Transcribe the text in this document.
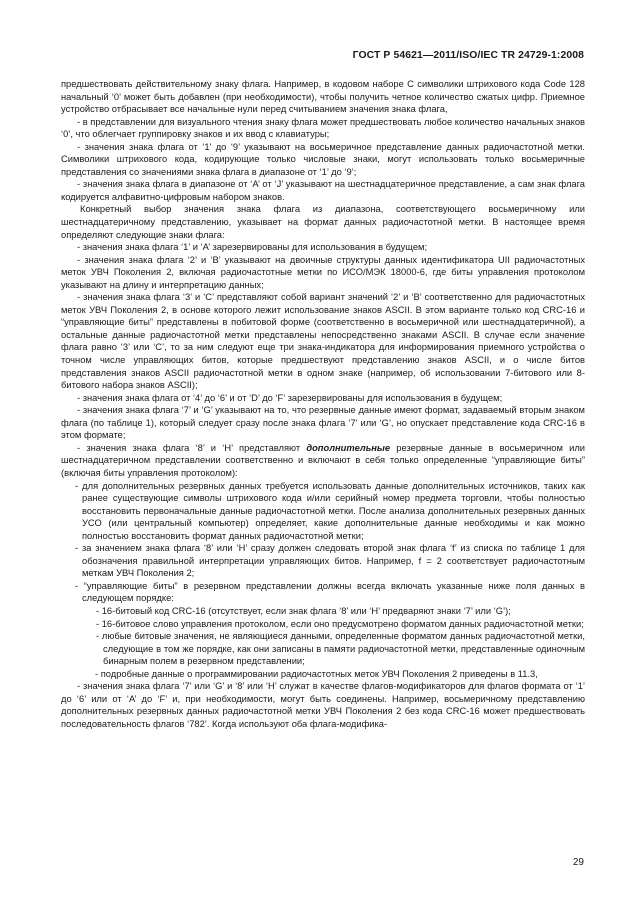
ГОСТ Р 54621—2011/ISO/IEC TR 24729-1:2008

предшествовать действительному знаку флага. Например, в кодовом наборе C символики штрихового кода Code 128 начальный ‘0’ может быть добавлен (при необходимости), чтобы получить четное количество сжатых цифр. Приемное устройство отбрасывает все начальные нули перед считыванием значения знака флага,

- в представлении для визуального чтения знаку флага может предшествовать любое количество начальных знаков ‘0’, что облегчает группировку знаков и их ввод с клавиатуры;

- значения знака флага от ‘1’ до ‘9’ указывают на восьмеричное представление данных радиочастотной метки. Символики штрихового кода, кодирующие только числовые знаки, могут использовать только восьмеричные представления со значениями знака флага в диапазоне от ‘1’ до ‘9’;

- значения знака флага в диапазоне от ‘A’ от ‘J’ указывают на шестнадцатеричное представление, а сам знак флага кодируется алфавитно-цифровым набором знаков.

Конкретный выбор значения знака флага из диапазона, соответствующего восьмеричному или шестнадцатеричному представлению, указывает на формат данных радиочастотной метки. В настоящее время определяют следующие знаки флага:

- значения знака флага ‘1’ и ‘A’ зарезервированы для использования в будущем;

- значения знака флага ‘2’ и ‘B’ указывают на двоичные структуры данных идентификатора UII радиочастотных меток УВЧ Поколения 2, включая радиочастотные метки по ИСО/МЭК 18000-6, где биты управления протоколом указывают на длину и интерпретацию данных;

- значения знака флага ‘3’ и ‘C’ представляют собой вариант значений ‘2’ и ‘B’ соответственно для радиочастотных меток УВЧ Поколения 2, в основе которого лежит использование знаков ASCII. В этом варианте только код CRC-16 и “управляющие биты” представлены в побитовой форме (соответственно в восьмеричной или шестнадцатеричной), а остальные данные радиочастотной метки представлены непосредственно знаками ASCII. В случае если значение флага равно ‘3’ или ‘C’, то за ним следуют еще три знака-индикатора для информирования приемного устройства о точном числе управляющих битов, которые предшествуют представлению знаков ASCII, и о числе битов представления знаков ASCII радиочастотной метки в одном знаке (например, об использовании 7-битового или 8-битового набора знаков ASCII);

- значения знака флага от ‘4’ до ‘6’ и от ‘D’ до ‘F’ зарезервированы для использования в будущем;

- значения знака флага ‘7’ и ‘G’ указывают на то, что резервные данные имеют формат, задаваемый вторым знаком флага (по таблице 1), который следует сразу после знака флага ‘7’ или ‘G’, но опускает представление кода CRC-16 в этом формате;

- значения знака флага ‘8’ и ‘H’ представляют дополнительные резервные данные в восьмеричном или шестнадцатеричном представлении соответственно и включают в себя только определенные “управляющие биты” (включая биты управления протоколом):

- для дополнительных резервных данных требуется использовать данные дополнительных источников, таких как ранее существующие символы штрихового кода и/или серийный номер предмета торговли, чтобы полностью восстановить первоначальные данные радиочастотной метки. После анализа дополнительных резервных данных УСО (или центральный компьютер) определяет, какие дополнительные данные необходимы и как можно полностью восстановить формат данных радиочастотной метки;

- за значением знака флага ‘8’ или ‘H’ сразу должен следовать второй знак флага ‘f’ из списка по таблице 1 для обозначения правильной интерпретации управляющих битов. Например, f = 2 соответствует радиочастотным меткам УВЧ Поколения 2;

- “управляющие биты” в резервном представлении должны всегда включать указанные ниже поля данных в следующем порядке:

- 16-битовый код CRC-16 (отсутствует, если знак флага ‘8’ или ‘H’ предваряют знаки ‘7’ или ‘G’);

- 16-битовое слово управления протоколом, если оно предусмотрено форматом данных радиочастотной метки;

- любые битовые значения, не являющиеся данными, определенные форматом данных радиочастотной метки, следующие в том же порядке, как они записаны в памяти радиочастотной метки, представленные одиночным бинарным полем в резервном представлении;

- подробные данные о программировании радиочастотных меток УВЧ Поколения 2 приведены в 11.3,

- значения знака флага ‘7’ или ‘G’ и ‘8’ или ‘H’ служат в качестве флагов-модификаторов для флагов формата от ‘1’ до ‘6’ или от ‘A’ до ‘F’ и, при необходимости, могут быть соединены. Например, восьмеричному представлению дополнительных резервных данных радиочастотной метки УВЧ Поколения 2 без кода CRC-16 может предшествовать последовательность флагов ‘782’. Когда используют оба флага-модифика-

29
